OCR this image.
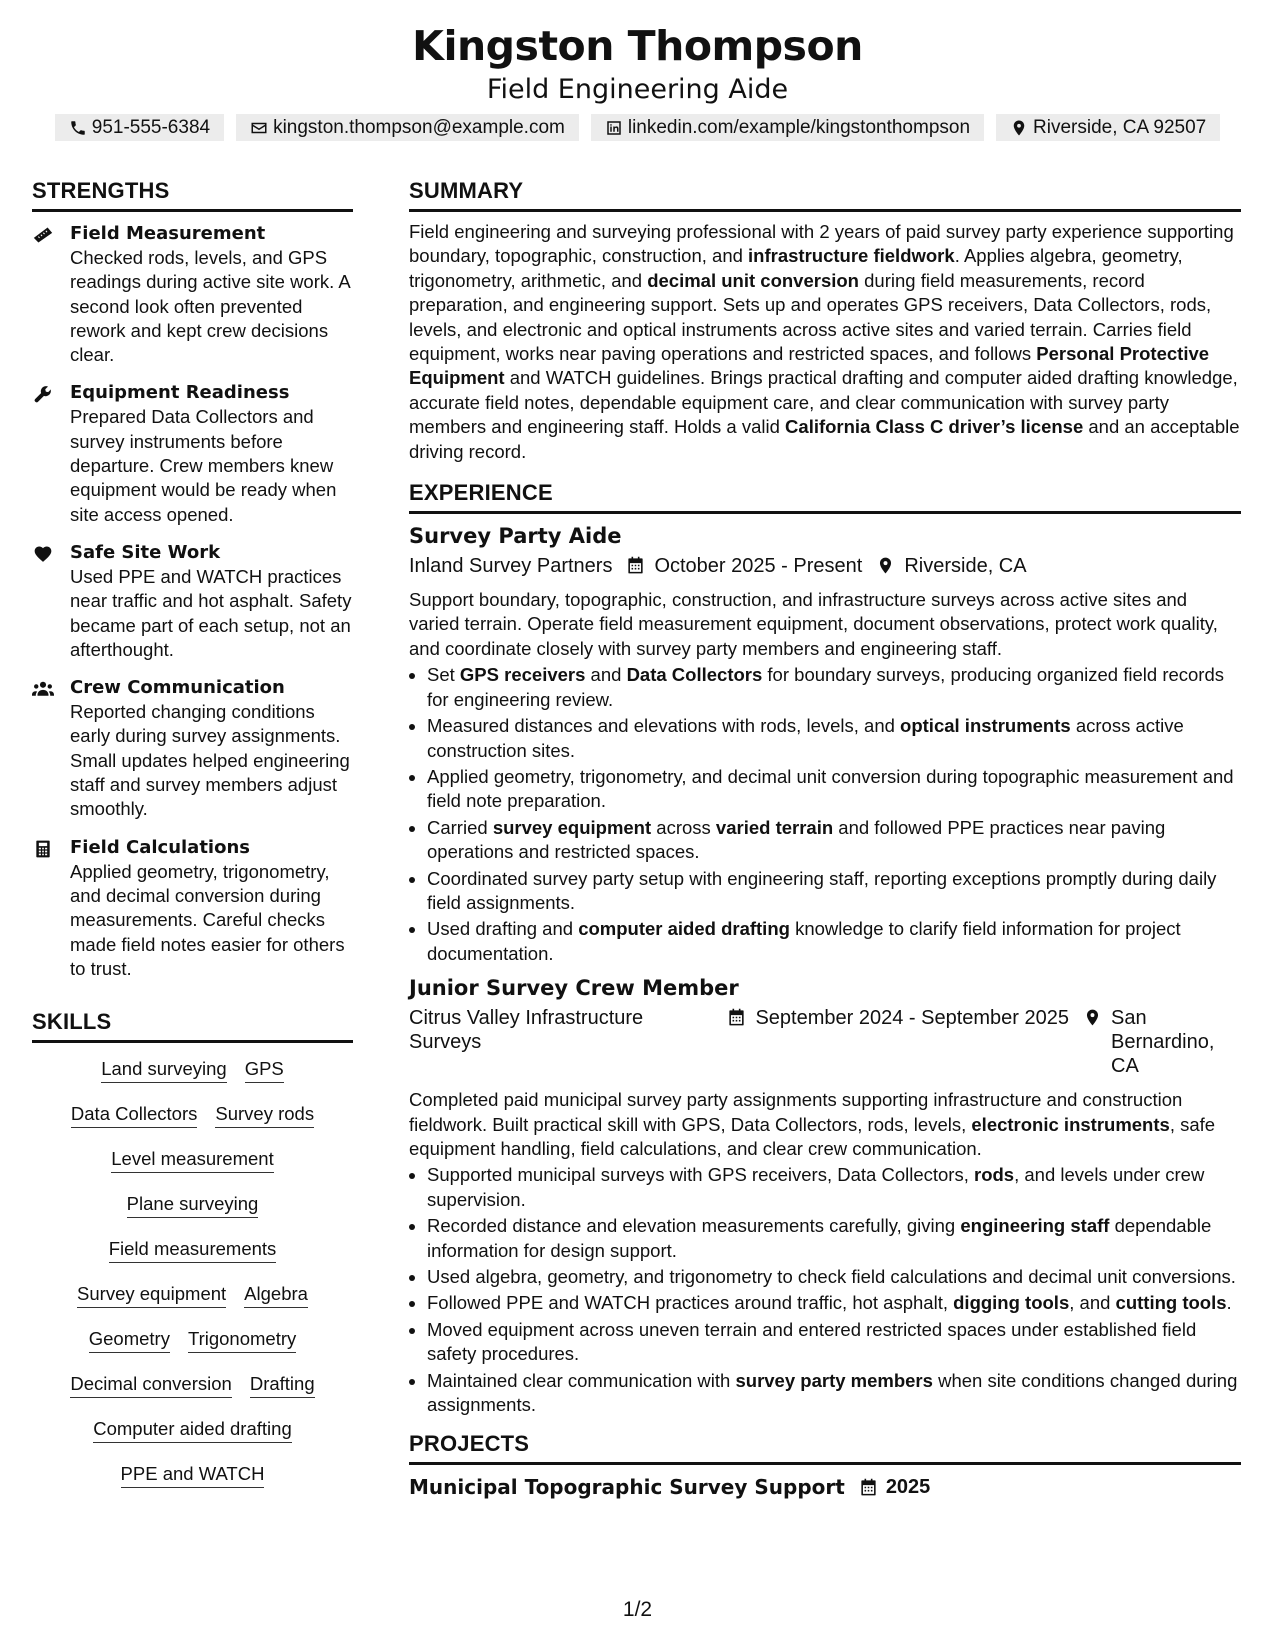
Kingston Thompson
Field Engineering Aide
951-555-6384	kingston.thompson@example.com	linkedin.com/example/kingstonthompson	Riverside, CA 92507
STRENGTHS
Field Measurement
Checked rods, levels, and GPS readings during active site work. A second look often prevented rework and kept crew decisions clear.
Equipment Readiness
Prepared Data Collectors and survey instruments before departure. Crew members knew equipment would be ready when site access opened.
Safe Site Work
Used PPE and WATCH practices near traffic and hot asphalt. Safety became part of each setup, not an afterthought.
Crew Communication
Reported changing conditions early during survey assignments. Small updates helped engineering staff and survey members adjust smoothly.
Field Calculations
Applied geometry, trigonometry, and decimal conversion during measurements. Careful checks made field notes easier for others to trust.
SKILLS
Land surveying GPS
Data Collectors Survey rods
Level measurement
Plane surveying
Field measurements
Survey equipment Algebra
Geometry Trigonometry
Decimal conversion Drafting
Computer aided drafting
PPE and WATCH
SUMMARY
Field engineering and surveying professional with 2 years of paid survey party experience supporting boundary, topographic, construction, and infrastructure fieldwork. Applies algebra, geometry, trigonometry, arithmetic, and decimal unit conversion during field measurements, record preparation, and engineering support. Sets up and operates GPS receivers, Data Collectors, rods, levels, and electronic and optical instruments across active sites and varied terrain. Carries field equipment, works near paving operations and restricted spaces, and follows Personal Protective Equipment and WATCH guidelines. Brings practical drafting and computer aided drafting knowledge, accurate field notes, dependable equipment care, and clear communication with survey party members and engineering staff. Holds a valid California Class C driver’s license and an acceptable driving record.
EXPERIENCE
Survey Party Aide
Inland Survey Partners October 2025 - Present Riverside, CA
Support boundary, topographic, construction, and infrastructure surveys across active sites and varied terrain. Operate field measurement equipment, document observations, protect work quality, and coordinate closely with survey party members and engineering staff.
• Set GPS receivers and Data Collectors for boundary surveys, producing organized field records for engineering review.
• Measured distances and elevations with rods, levels, and optical instruments across active construction sites.
• Applied geometry, trigonometry, and decimal unit conversion during topographic measurement and field note preparation.
• Carried survey equipment across varied terrain and followed PPE practices near paving operations and restricted spaces.
• Coordinated survey party setup with engineering staff, reporting exceptions promptly during daily field assignments.
• Used drafting and computer aided drafting knowledge to clarify field information for project documentation.
Junior Survey Crew Member
Citrus Valley Infrastructure Surveys
September 2024 - September 2025 San Bernardino, CA
Completed paid municipal survey party assignments supporting infrastructure and construction fieldwork. Built practical skill with GPS, Data Collectors, rods, levels, electronic instruments, safe equipment handling, field calculations, and clear crew communication.
• Supported municipal surveys with GPS receivers, Data Collectors, rods, and levels under crew supervision.
• Recorded distance and elevation measurements carefully, giving engineering staff dependable information for design support.
• Used algebra, geometry, and trigonometry to check field calculations and decimal unit conversions.
• Followed PPE and WATCH practices around traffic, hot asphalt, digging tools, and cutting tools.
• Moved equipment across uneven terrain and entered restricted spaces under established field safety procedures.
• Maintained clear communication with survey party members when site conditions changed during assignments.
PROJECTS
Municipal Topographic Survey Support 2025
1/2
